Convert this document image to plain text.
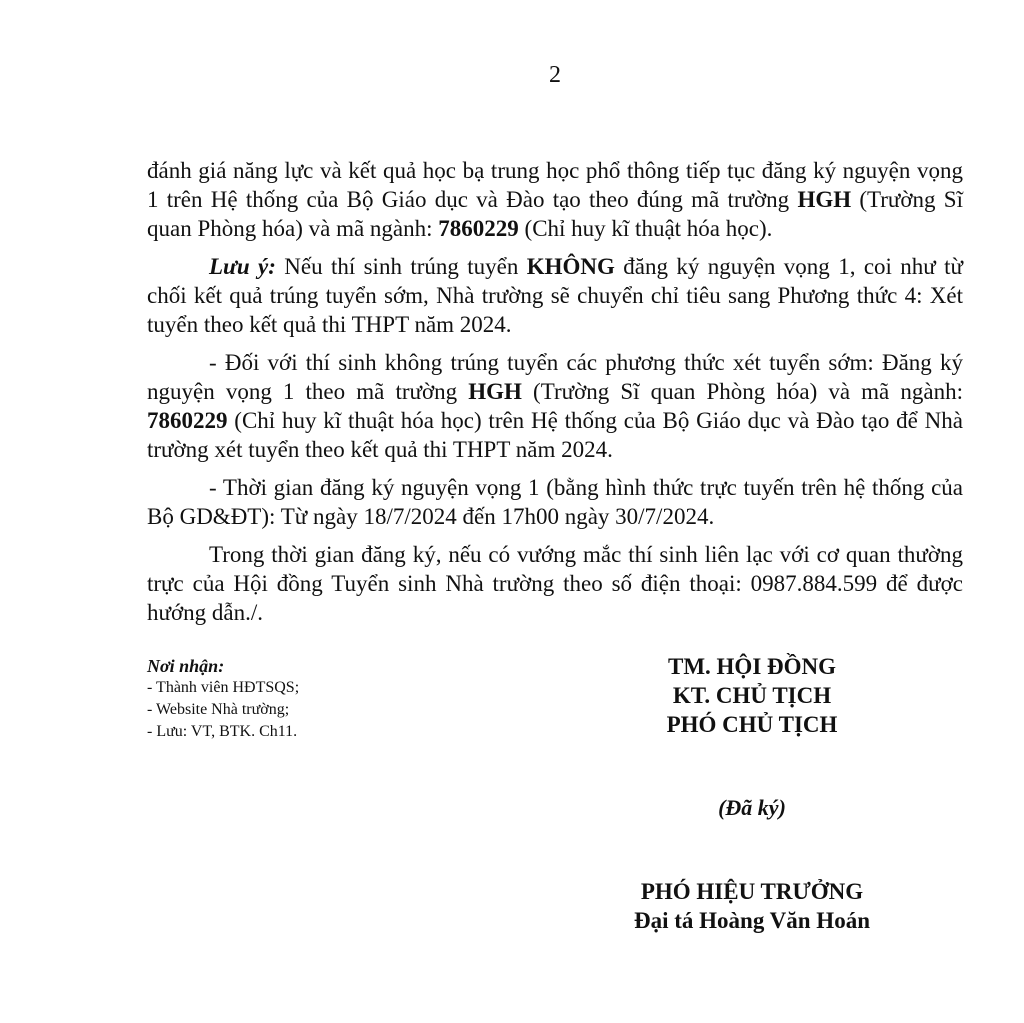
2

đánh giá năng lực và kết quả học bạ trung học phổ thông tiếp tục đăng ký nguyện vọng 1 trên Hệ thống của Bộ Giáo dục và Đào tạo theo đúng mã trường HGH (Trường Sĩ quan Phòng hóa) và mã ngành: 7860229 (Chỉ huy kĩ thuật hóa học).

Lưu ý: Nếu thí sinh trúng tuyển KHÔNG đăng ký nguyện vọng 1, coi như từ chối kết quả trúng tuyển sớm, Nhà trường sẽ chuyển chỉ tiêu sang Phương thức 4: Xét tuyển theo kết quả thi THPT năm 2024.

- Đối với thí sinh không trúng tuyển các phương thức xét tuyển sớm: Đăng ký nguyện vọng 1 theo mã trường HGH (Trường Sĩ quan Phòng hóa) và mã ngành: 7860229 (Chỉ huy kĩ thuật hóa học) trên Hệ thống của Bộ Giáo dục và Đào tạo để Nhà trường xét tuyển theo kết quả thi THPT năm 2024.

- Thời gian đăng ký nguyện vọng 1 (bằng hình thức trực tuyến trên hệ thống của Bộ GD&ĐT): Từ ngày 18/7/2024 đến 17h00 ngày 30/7/2024.

Trong thời gian đăng ký, nếu có vướng mắc thí sinh liên lạc với cơ quan thường trực của Hội đồng Tuyển sinh Nhà trường theo số điện thoại: 0987.884.599 để được hướng dẫn./.

Nơi nhận:
- Thành viên HĐTSQS;
- Website Nhà trường;
- Lưu: VT, BTK. Ch11.
TM. HỘI ĐỒNG
KT. CHỦ TỊCH
PHÓ CHỦ TỊCH
(Đã ký)
PHÓ HIỆU TRƯỞNG
Đại tá Hoàng Văn Hoán
